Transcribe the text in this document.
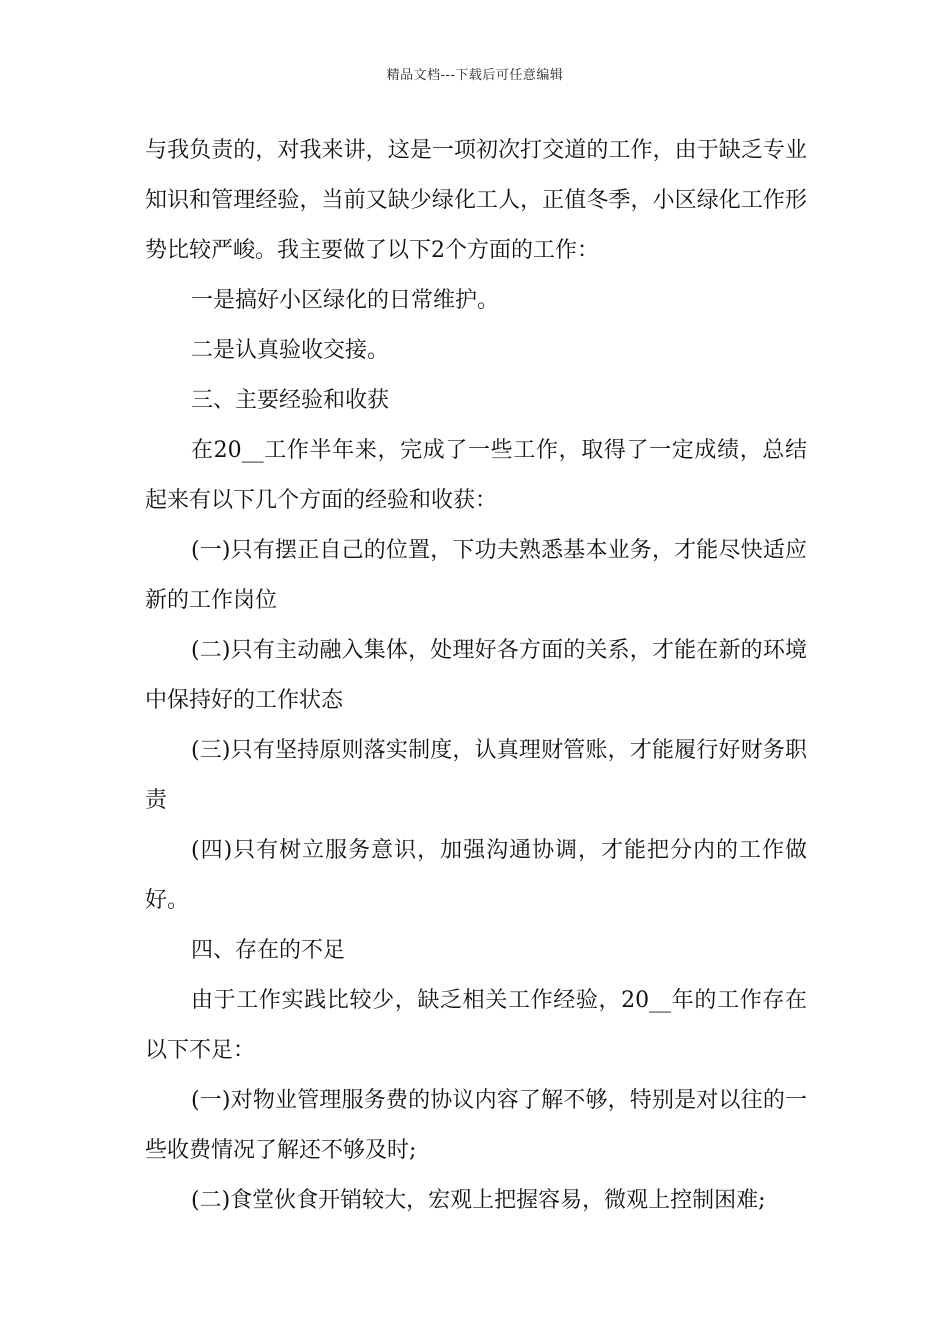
精品文档---下载后可任意编辑

与我负责的，对我来讲，这是一项初次打交道的工作，由于缺乏专业知识和管理经验，当前又缺少绿化工人，正值冬季，小区绿化工作形势比较严峻。我主要做了以下2个方面的工作：

一是搞好小区绿化的日常维护。

二是认真验收交接。

三、主要经验和收获

在20__工作半年来，完成了一些工作，取得了一定成绩，总结起来有以下几个方面的经验和收获：

(一)只有摆正自己的位置，下功夫熟悉基本业务，才能尽快适应新的工作岗位

(二)只有主动融入集体，处理好各方面的关系，才能在新的环境中保持好的工作状态

(三)只有坚持原则落实制度，认真理财管账，才能履行好财务职责

(四)只有树立服务意识，加强沟通协调，才能把分内的工作做好。

四、存在的不足

由于工作实践比较少，缺乏相关工作经验，20__年的工作存在以下不足：

(一)对物业管理服务费的协议内容了解不够，特别是对以往的一些收费情况了解还不够及时;

(二)食堂伙食开销较大，宏观上把握容易，微观上控制困难;
